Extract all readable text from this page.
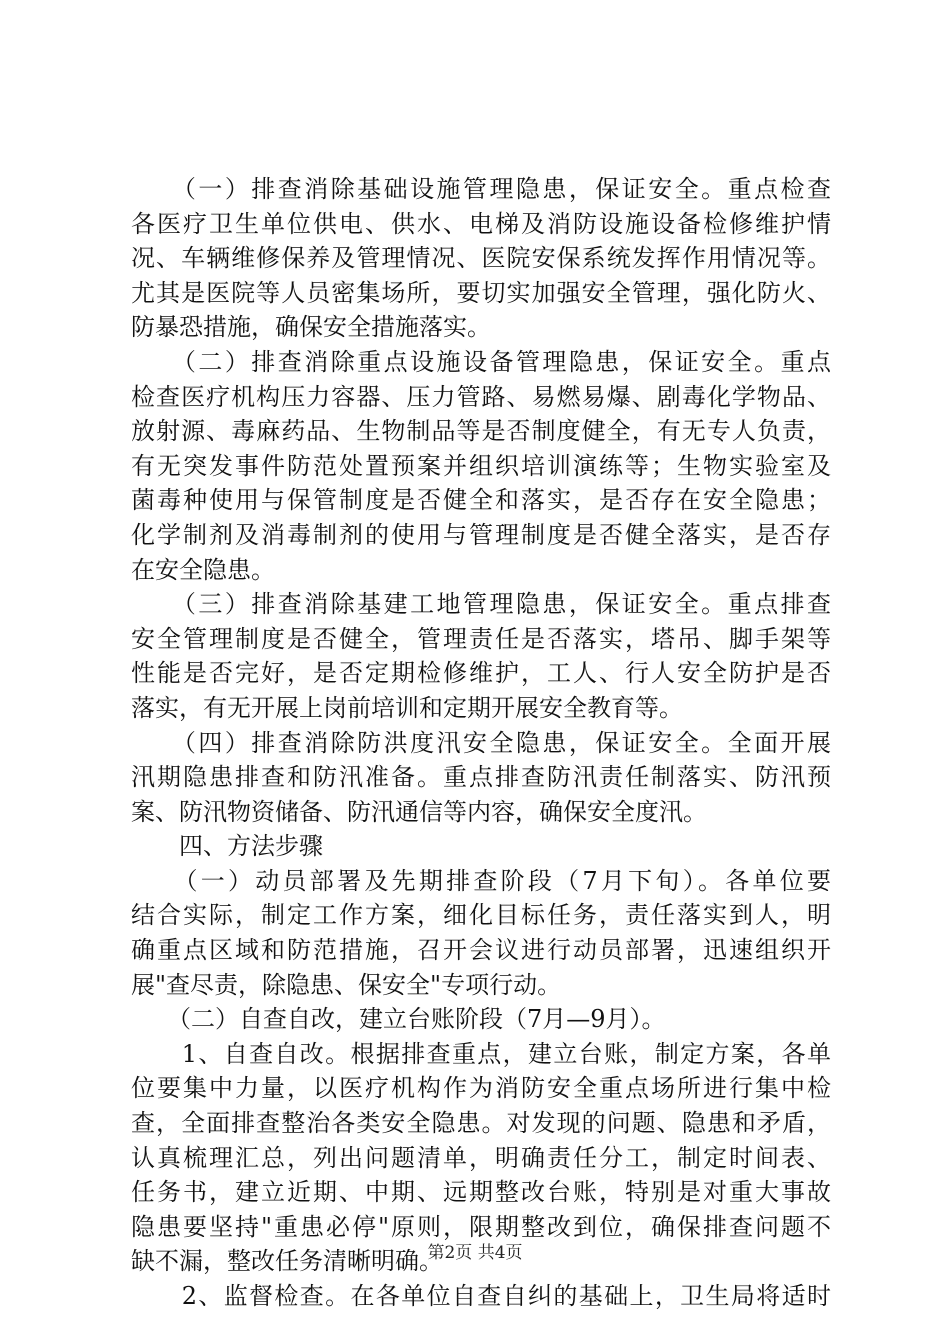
　　（一）排查消除基础设施管理隐患，保证安全。重点检查
各医疗卫生单位供电、供水、电梯及消防设施设备检修维护情
况、车辆维修保养及管理情况、医院安保系统发挥作用情况等。
尤其是医院等人员密集场所，要切实加强安全管理，强化防火、
防暴恐措施，确保安全措施落实。
　　（二）排查消除重点设施设备管理隐患，保证安全。重点
检查医疗机构压力容器、压力管路、易燃易爆、剧毒化学物品、
放射源、毒麻药品、生物制品等是否制度健全，有无专人负责，
有无突发事件防范处置预案并组织培训演练等；生物实验室及
菌毒种使用与保管制度是否健全和落实，是否存在安全隐患；
化学制剂及消毒制剂的使用与管理制度是否健全落实，是否存
在安全隐患。
　　（三）排查消除基建工地管理隐患，保证安全。重点排查
安全管理制度是否健全，管理责任是否落实，塔吊、脚手架等
性能是否完好，是否定期检修维护，工人、行人安全防护是否
落实，有无开展上岗前培训和定期开展安全教育等。
　　（四）排查消除防洪度汛安全隐患，保证安全。全面开展
汛期隐患排查和防汛准备。重点排查防汛责任制落实、防汛预
案、防汛物资储备、防汛通信等内容，确保安全度汛。
　　四、方法步骤
　　（一）动员部署及先期排查阶段（7月下旬）。各单位要
结合实际，制定工作方案，细化目标任务，责任落实到人，明
确重点区域和防范措施，召开会议进行动员部署，迅速组织开
展"查尽责，除隐患、保安全"专项行动。
　　（二）自查自改，建立台账阶段（7月—9月）。
　　1、自查自改。根据排查重点，建立台账，制定方案，各单
位要集中力量，以医疗机构作为消防安全重点场所进行集中检
查，全面排查整治各类安全隐患。对发现的问题、隐患和矛盾，
认真梳理汇总，列出问题清单，明确责任分工，制定时间表、
任务书，建立近期、中期、远期整改台账，特别是对重大事故
隐患要坚持"重患必停"原则，限期整改到位，确保排查问题不
缺不漏，整改任务清晰明确。
　　2、监督检查。在各单位自查自纠的基础上，卫生局将适时
第2页 共4页
